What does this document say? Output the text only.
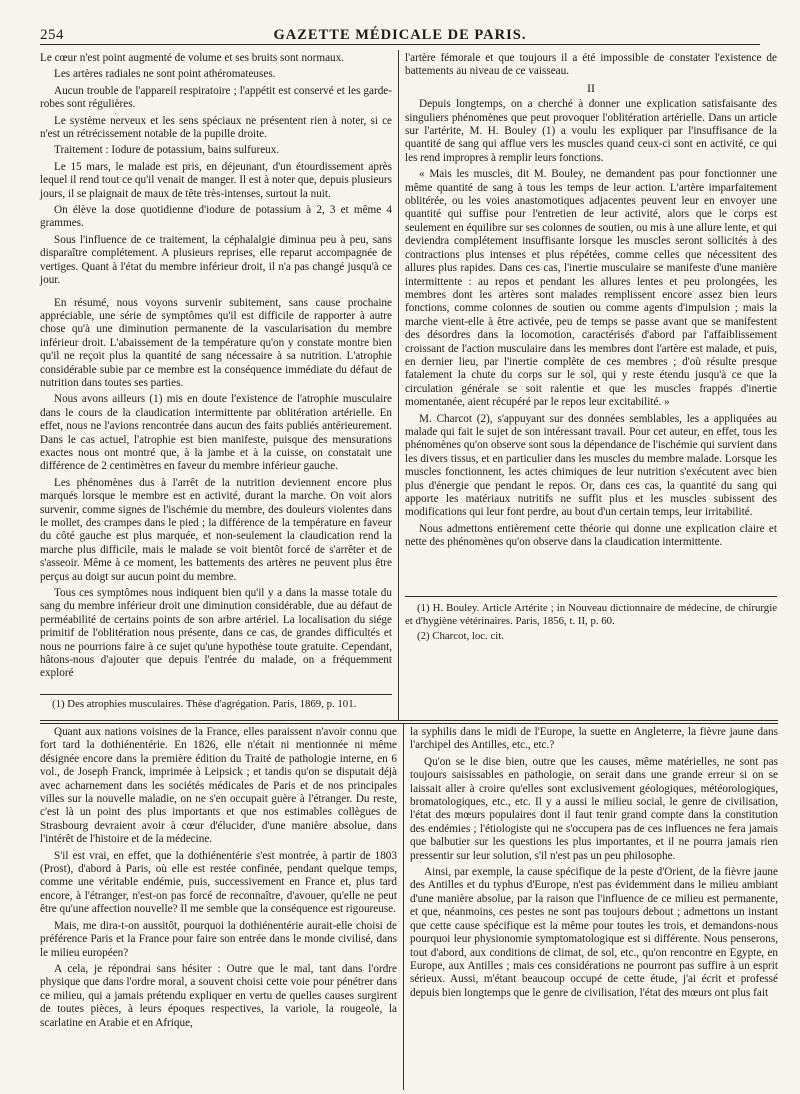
254	GAZETTE MÉDICALE DE PARIS.

Le cœur n'est point augmenté de volume et ses bruits sont normaux.

Les artères radiales ne sont point athéromateuses.

Aucun trouble de l'appareil respiratoire ; l'appétit est conservé et les garde-robes sont régulières.

Le système nerveux et les sens spéciaux ne présentent rien à noter, si ce n'est un rétrécissement notable de la pupille droite.

Traitement : Iodure de potassium, bains sulfureux.

Le 15 mars, le malade est pris, en déjeunant, d'un étourdissement après lequel il rend tout ce qu'il venait de manger. Il est à noter que, depuis plusieurs jours, il se plaignait de maux de tête très-intenses, surtout la nuit.

On élève la dose quotidienne d'iodure de potassium à 2, 3 et même 4 grammes.

Sous l'influence de ce traitement, la céphalalgie diminua peu à peu, sans disparaître complétement. A plusieurs reprises, elle reparut accompagnée de vertiges. Quant à l'état du membre inférieur droit, il n'a pas changé jusqu'à ce jour.

En résumé, nous voyons survenir subitement, sans cause prochaine appréciable, une série de symptômes qu'il est difficile de rapporter à autre chose qu'à une diminution permanente de la vascularisation du membre inférieur droit. L'abaissement de la température qu'on y constate montre bien qu'il ne reçoit plus la quantité de sang nécessaire à sa nutrition. L'atrophie considérable subie par ce membre est la conséquence immédiate du défaut de nutrition dans toutes ses parties.

Nous avons ailleurs (1) mis en doute l'existence de l'atrophie musculaire dans le cours de la claudication intermittente par oblitération artérielle. En effet, nous ne l'avions rencontrée dans aucun des faits publiés antérieurement. Dans le cas actuel, l'atrophie est bien manifeste, puisque des mensurations exactes nous ont montré que, à la jambe et à la cuisse, on constatait une différence de 2 centimètres en faveur du membre inférieur gauche.

Les phénomènes dus à l'arrêt de la nutrition deviennent encore plus marqués lorsque le membre est en activité, durant la marche. On voit alors survenir, comme signes de l'ischémie du membre, des douleurs violentes dans le mollet, des crampes dans le pied ; la différence de la température en faveur du côté gauche est plus marquée, et non-seulement la claudication rend la marche plus difficile, mais le malade se voit bientôt forcé de s'arrêter et de s'asseoir. Même à ce moment, les battements des artères ne peuvent plus être perçus au doigt sur aucun point du membre.

Tous ces symptômes nous indiquent bien qu'il y a dans la masse totale du sang du membre inférieur droit une diminution considérable, due au défaut de perméabilité de certains points de son arbre artériel. La localisation du siége primitif de l'oblitération nous présente, dans ce cas, de grandes difficultés et nous ne pourrions faire à ce sujet qu'une hypothèse toute gratuite. Cependant, hâtons-nous d'ajouter que depuis l'entrée du malade, on a fréquemment exploré

(1) Des atrophies musculaires. Thèse d'agrégation. Paris, 1869, p. 101.

l'artère fémorale et que toujours il a été impossible de constater l'existence de battements au niveau de ce vaisseau.

II

Depuis longtemps, on a cherché à donner une explication satisfaisante des singuliers phénomènes que peut provoquer l'oblitération artérielle. Dans un article sur l'artérite, M. H. Bouley (1) a voulu les expliquer par l'insuffisance de la quantité de sang qui afflue vers les muscles quand ceux-ci sont en activité, ce qui les rend impropres à remplir leurs fonctions.

« Mais les muscles, dit M. Bouley, ne demandent pas pour fonctionner une même quantité de sang à tous les temps de leur action. L'artère imparfaitement oblitérée, ou les voies anastomotiques adjacentes peuvent leur en envoyer une quantité qui suffise pour l'entretien de leur activité, alors que le corps est seulement en équilibre sur ses colonnes de soutien, ou mis à une allure lente, et qui deviendra complétement insuffisante lorsque les muscles seront sollicités à des contractions plus intenses et plus répétées, comme celles que nécessitent des allures plus rapides. Dans ces cas, l'inertie musculaire se manifeste d'une manière intermittente : au repos et pendant les allures lentes et peu prolongées, les membres dont les artères sont malades remplissent encore assez bien leurs fonctions, comme colonnes de soutien ou comme agents d'impulsion ; mais la marche vient-elle à être activée, peu de temps se passe avant que se manifestent des désordres dans la locomotion, caractérisés d'abord par l'affaiblissement croissant de l'action musculaire dans les membres dont l'artère est malade, et puis, en dernier lieu, par l'inertie complète de ces membres ; d'où résulte presque fatalement la chute du corps sur le sol, qui y reste étendu jusqu'à ce que la circulation générale se soit ralentie et que les muscles frappés d'inertie momentanée, aient récupéré par le repos leur excitabilité. »

M. Charcot (2), s'appuyant sur des données semblables, les a appliquées au malade qui fait le sujet de son intéressant travail. Pour cet auteur, en effet, tous les phénomènes qu'on observe sont sous la dépendance de l'ischémie qui survient dans les divers tissus, et en particulier dans les muscles du membre malade. Lorsque les muscles fonctionnent, les actes chimiques de leur nutrition s'exécutent avec bien plus d'énergie que pendant le repos. Or, dans ces cas, la quantité du sang qui apporte les matériaux nutritifs ne suffit plus et les muscles subissent des modifications qui leur font perdre, au bout d'un certain temps, leur irritabilité.

Nous admettons entièrement cette théorie qui donne une explication claire et nette des phénomènes qu'on observe dans la claudication intermittente.

(1) H. Bouley. Article Artérite ; in Nouveau dictionnaire de médecine, de chirurgie et d'hygiène vétérinaires. Paris, 1856, t. II, p. 60.

(2) Charcot, loc. cit.

Quant aux nations voisines de la France, elles paraissent n'avoir connu que fort tard la dothiénentérie. En 1826, elle n'était ni mentionnée ni même désignée encore dans la première édition du Traité de pathologie interne, en 6 vol., de Joseph Franck, imprimée à Leipsick ; et tandis qu'on se disputait déjà avec acharnement dans les sociétés médicales de Paris et de nos principales villes sur la nouvelle maladie, on ne s'en occupait guère à l'étranger. Du reste, c'est là un point des plus importants et que nos estimables collègues de Strasbourg devraient avoir à cœur d'élucider, d'une manière absolue, dans l'intérêt de l'histoire et de la médecine.

S'il est vrai, en effet, que la dothiénentérie s'est montrée, à partir de 1803 (Prost), d'abord à Paris, où elle est restée confinée, pendant quelque temps, comme une véritable endémie, puis, successivement en France et, plus tard encore, à l'étranger, n'est-on pas forcé de reconnaître, d'avouer, qu'elle ne peut être qu'une affection nouvelle? Il me semble que la conséquence est rigoureuse.

Mais, me dira-t-on aussitôt, pourquoi la dothiénentérie aurait-elle choisi de préférence Paris et la France pour faire son entrée dans le monde civilisé, dans le milieu européen?

A cela, je répondrai sans hésiter : Outre que le mal, tant dans l'ordre physique que dans l'ordre moral, a souvent choisi cette voie pour pénétrer dans ce milieu, qui a jamais prétendu expliquer en vertu de quelles causes surgirent de toutes pièces, à leurs époques respectives, la variole, la rougeole, la scarlatine en Arabie et en Afrique,

la syphilis dans le midi de l'Europe, la suette en Angleterre, la fièvre jaune dans l'archipel des Antilles, etc., etc.?

Qu'on se le dise bien, outre que les causes, même matérielles, ne sont pas toujours saisissables en pathologie, on serait dans une grande erreur si on se laissait aller à croire qu'elles sont exclusivement géologiques, météorologiques, bromatologiques, etc., etc. Il y a aussi le milieu social, le genre de civilisation, l'état des mœurs populaires dont il faut tenir grand compte dans la constitution des endémies ; l'étiologiste qui ne s'occupera pas de ces influences ne fera jamais que balbutier sur les questions les plus importantes, et il ne pourra jamais rien pressentir sur leur solution, s'il n'est pas un peu philosophe.

Ainsi, par exemple, la cause spécifique de la peste d'Orient, de la fièvre jaune des Antilles et du typhus d'Europe, n'est pas évidemment dans le milieu ambiant d'une manière absolue, par la raison que l'influence de ce milieu est permanente, et que, néanmoins, ces pestes ne sont pas toujours debout ; admettons un instant que cette cause spécifique est la même pour toutes les trois, et demandons-nous pourquoi leur physionomie symptomatologique est si différente. Nous penserons, tout d'abord, aux conditions de climat, de sol, etc., qu'on rencontre en Egypte, en Europe, aux Antilles ; mais ces considérations ne pourront pas suffire à un esprit sérieux. Aussi, m'étant beaucoup occupé de cette étude, j'ai écrit et professé depuis bien longtemps que le genre de civilisation, l'état des mœurs ont plus fait
